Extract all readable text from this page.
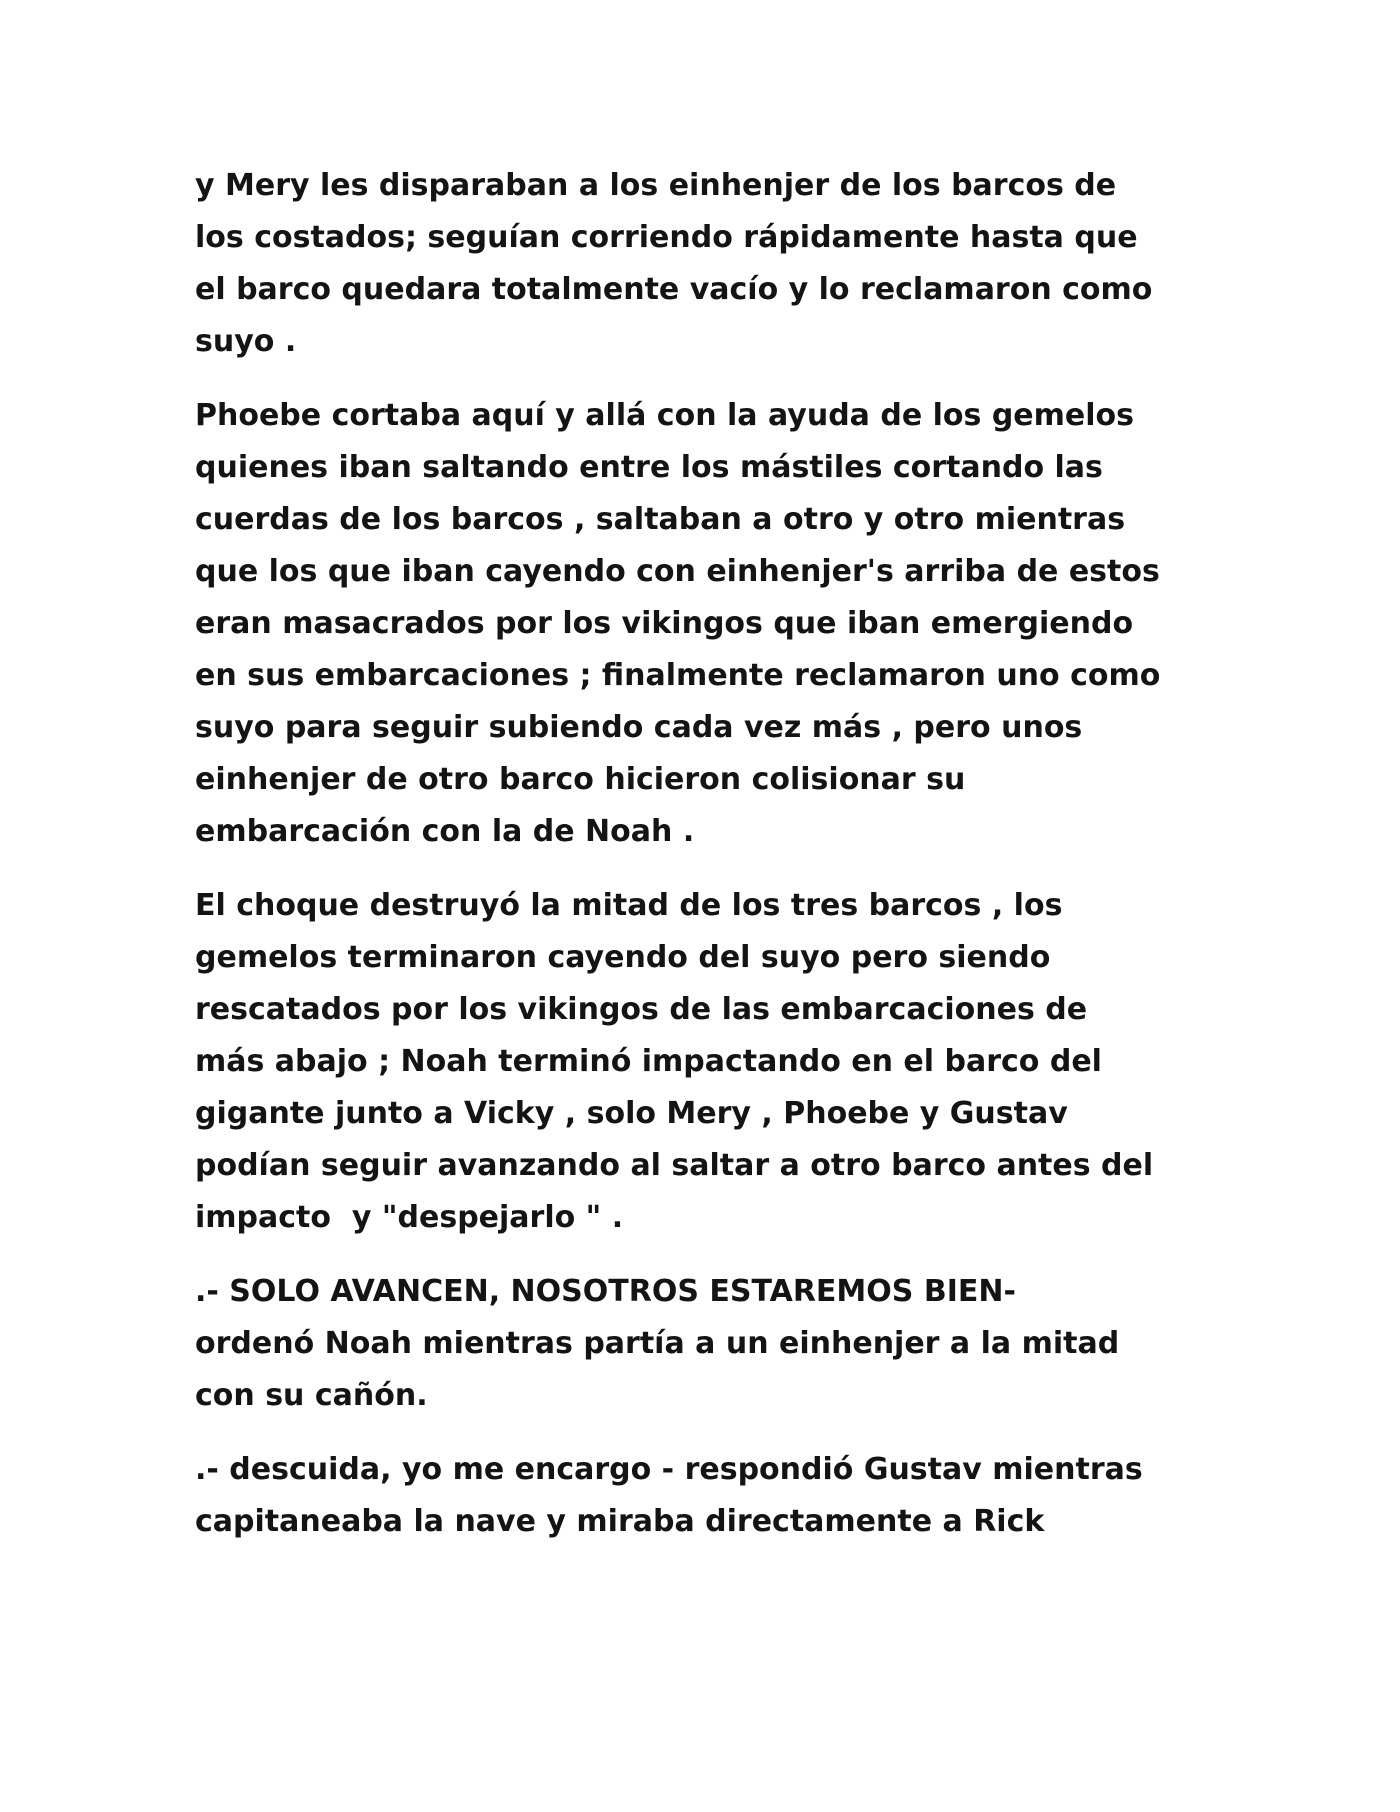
y Mery les disparaban a los einhenjer de los barcos de
los costados; seguían corriendo rápidamente hasta que
el barco quedara totalmente vacío y lo reclamaron como
suyo .
Phoebe cortaba aquí y allá con la ayuda de los gemelos
quienes iban saltando entre los mástiles cortando las
cuerdas de los barcos , saltaban a otro y otro mientras
que los que iban cayendo con einhenjer's arriba de estos
eran masacrados por los vikingos que iban emergiendo
en sus embarcaciones ; finalmente reclamaron uno como
suyo para seguir subiendo cada vez más , pero unos
einhenjer de otro barco hicieron colisionar su
embarcación con la de Noah .
El choque destruyó la mitad de los tres barcos , los
gemelos terminaron cayendo del suyo pero siendo
rescatados por los vikingos de las embarcaciones de
más abajo ; Noah terminó impactando en el barco del
gigante junto a Vicky , solo Mery , Phoebe y Gustav
podían seguir avanzando al saltar a otro barco antes del
impacto  y "despejarlo " .
.- SOLO AVANCEN, NOSOTROS ESTAREMOS BIEN-
ordenó Noah mientras partía a un einhenjer a la mitad
con su cañón.
.- descuida, yo me encargo - respondió Gustav mientras
capitaneaba la nave y miraba directamente a Rick
